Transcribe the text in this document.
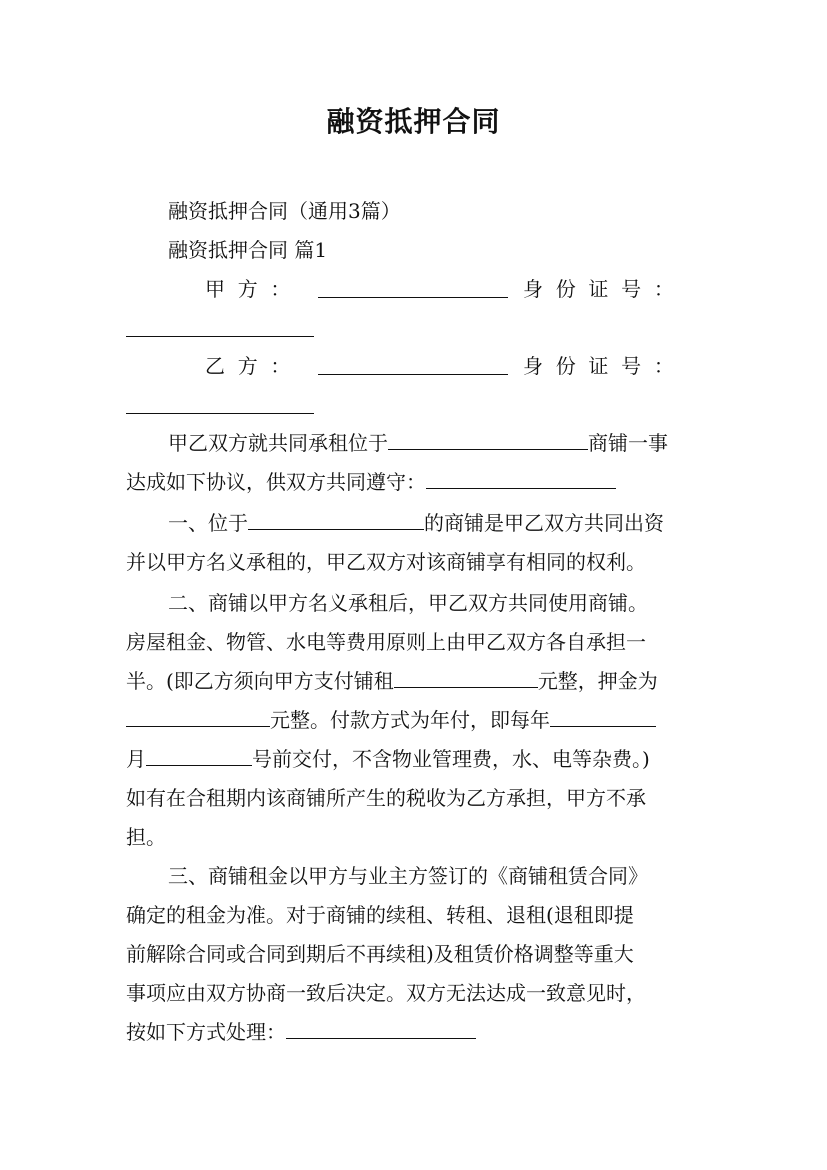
融资抵押合同
融资抵押合同（通用3篇）
融资抵押合同 篇1
甲  方  ：	身  份  证  号  ：
乙  方  ：	身  份  证  号  ：
甲乙双方就共同承租位于	商铺一事
达成如下协议，供双方共同遵守：
一、位于	的商铺是甲乙双方共同出资
并以甲方名义承租的，甲乙双方对该商铺享有相同的权利。
二、商铺以甲方名义承租后，甲乙双方共同使用商铺。
房屋租金、物管、水电等费用原则上由甲乙双方各自承担一
半。(即乙方须向甲方支付铺租	元整，押金为
元整。付款方式为年付，即每年
月	号前交付，不含物业管理费，水、电等杂费。)
如有在合租期内该商铺所产生的税收为乙方承担，甲方不承
担。
三、商铺租金以甲方与业主方签订的《商铺租赁合同》
确定的租金为准。对于商铺的续租、转租、退租(退租即提
前解除合同或合同到期后不再续租)及租赁价格调整等重大
事项应由双方协商一致后决定。双方无法达成一致意见时，
按如下方式处理：
